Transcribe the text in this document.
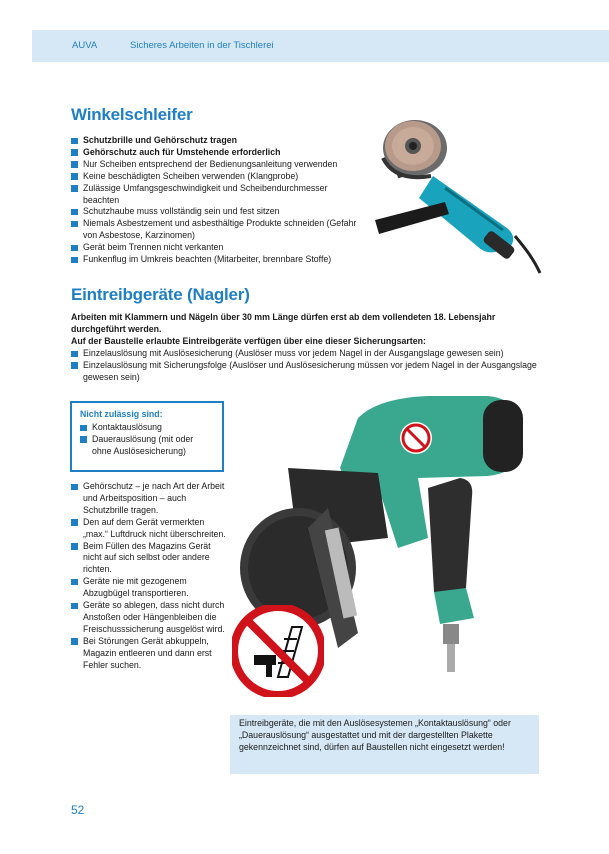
AUVA	Sicheres Arbeiten in der Tischlerei
Winkelschleifer
Schutzbrille und Gehörschutz tragen
Gehörschutz auch für Umstehende erforderlich
Nur Scheiben entsprechend der Bedienungsanleitung verwenden
Keine beschädigten Scheiben verwenden (Klangprobe)
Zulässige Umfangsgeschwindigkeit und Scheibendurchmesser beachten
Schutzhaube muss vollständig sein und fest sitzen
Niemals Asbestzement und asbesthältige Produkte schneiden (Gefahr von Asbestose, Karzinomen)
Gerät beim Trennen nicht verkanten
Funkenflug im Umkreis beachten (Mitarbeiter, brennbare Stoffe)
Eintreibgeräte (Nagler)
Arbeiten mit Klammern und Nägeln über 30 mm Länge dürfen erst ab dem vollendeten 18. Lebensjahr durchgeführt werden.
Auf der Baustelle erlaubte Eintreibgeräte verfügen über eine dieser Sicherungsarten:
Einzelauslösung mit Auslösesicherung (Auslöser muss vor jedem Nagel in der Ausgangslage gewesen sein)
Einzelauslösung mit Sicherungsfolge (Auslöser und Auslösesicherung müssen vor jedem Nagel in der Ausgangslage gewesen sein)
Nicht zulässig sind:
Kontaktauslösung
Dauerauslösung (mit oder ohne Auslösesicherung)
Gehörschutz – je nach Art der Arbeit und Arbeitsposition – auch Schutzbrille tragen.
Den auf dem Gerät vermerkten „max.“ Luftdruck nicht überschreiten.
Beim Füllen des Magazins Gerät nicht auf sich selbst oder andere richten.
Geräte nie mit gezogenem Abzugbügel transportieren.
Geräte so ablegen, dass nicht durch Anstoßen oder Hängenbleiben die Freischusssicherung ausgelöst wird.
Bei Störungen Gerät abkuppeln, Magazin entleeren und dann erst Fehler suchen.

Eintreibgeräte, die mit den Auslösesystemen „Kontaktauslösung“ oder „Dauerauslösung“ ausgestattet und mit der dargestellten Plakette gekennzeichnet sind, dürfen auf Baustellen nicht eingesetzt werden!

52
